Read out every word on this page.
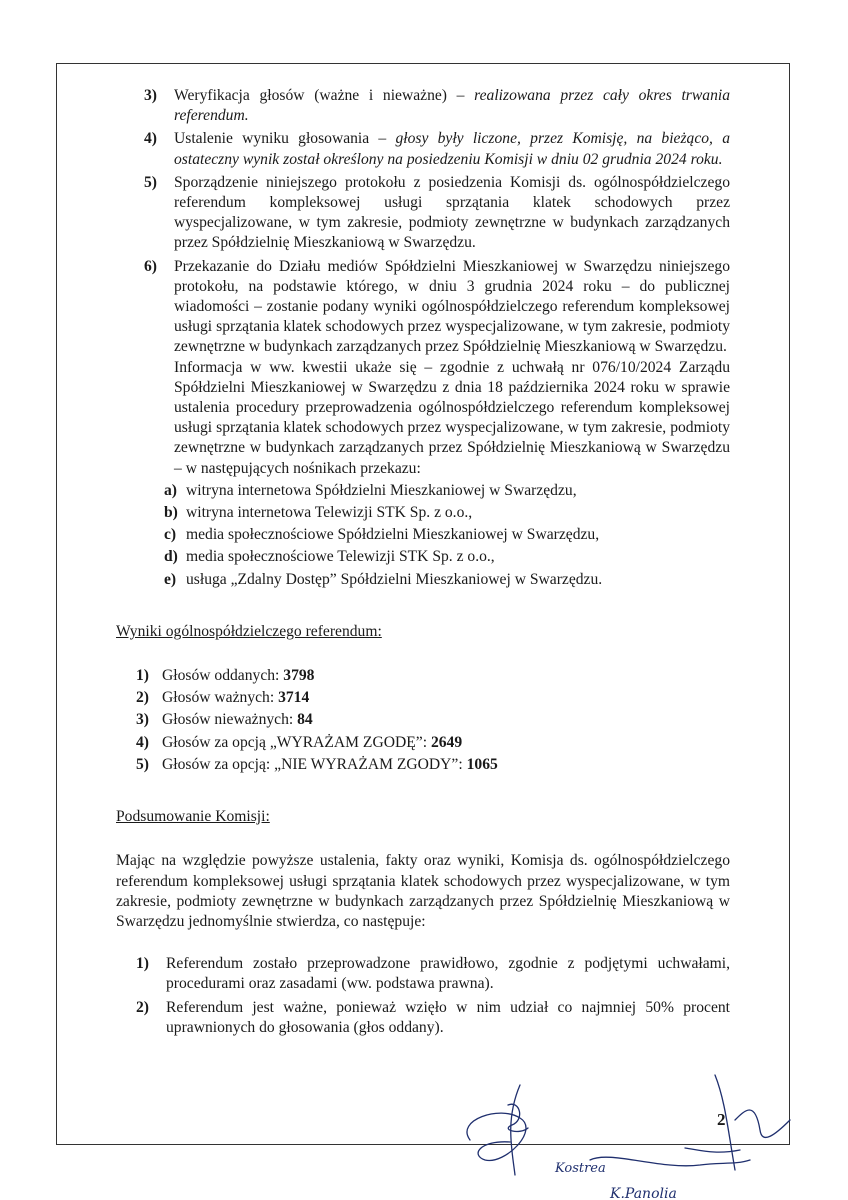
3)	Weryfikacja głosów (ważne i nieważne) – realizowana przez cały okres trwania referendum.
4)	Ustalenie wyniku głosowania – głosy były liczone, przez Komisję, na bieżąco, a ostateczny wynik został określony na posiedzeniu Komisji w dniu 02 grudnia 2024 roku.
5)	Sporządzenie niniejszego protokołu z posiedzenia Komisji ds. ogólnospółdzielczego referendum kompleksowej usługi sprzątania klatek schodowych przez wyspecjalizowane, w tym zakresie, podmioty zewnętrzne w budynkach zarządzanych przez Spółdzielnię Mieszkaniową w Swarzędzu.
6)	Przekazanie do Działu mediów Spółdzielni Mieszkaniowej w Swarzędzu niniejszego protokołu, na podstawie którego, w dniu 3 grudnia 2024 roku – do publicznej wiadomości – zostanie podany wyniki ogólnospółdzielczego referendum kompleksowej usługi sprzątania klatek schodowych przez wyspecjalizowane, w tym zakresie, podmioty zewnętrzne w budynkach zarządzanych przez Spółdzielnię Mieszkaniową w Swarzędzu.
Informacja w ww. kwestii ukaże się – zgodnie z uchwałą nr 076/10/2024 Zarządu Spółdzielni Mieszkaniowej w Swarzędzu z dnia 18 października 2024 roku w sprawie ustalenia procedury przeprowadzenia ogólnospółdzielczego referendum kompleksowej usługi sprzątania klatek schodowych przez wyspecjalizowane, w tym zakresie, podmioty zewnętrzne w budynkach zarządzanych przez Spółdzielnię Mieszkaniową w Swarzędzu – w następujących nośnikach przekazu:
a) witryna internetowa Spółdzielni Mieszkaniowej w Swarzędzu,
b) witryna internetowa Telewizji STK Sp. z o.o.,
c) media społecznościowe Spółdzielni Mieszkaniowej w Swarzędzu,
d) media społecznościowe Telewizji STK Sp. z o.o.,
e) usługa „Zdalny Dostęp” Spółdzielni Mieszkaniowej w Swarzędzu.
Wyniki ogólnospółdzielczego referendum:
1) Głosów oddanych: 3798
2) Głosów ważnych: 3714
3) Głosów nieważnych: 84
4) Głosów za opcją „WYRAŻAM ZGODĘ”: 2649
5) Głosów za opcją: „NIE WYRAŻAM ZGODY”: 1065
Podsumowanie Komisji:
Mając na względzie powyższe ustalenia, fakty oraz wyniki, Komisja ds. ogólnospółdzielczego referendum kompleksowej usługi sprzątania klatek schodowych przez wyspecjalizowane, w tym zakresie, podmioty zewnętrzne w budynkach zarządzanych przez Spółdzielnię Mieszkaniową w Swarzędzu jednomyślnie stwierdza, co następuje:
1)	Referendum zostało przeprowadzone prawidłowo, zgodnie z podjętymi uchwałami, procedurami oraz zasadami (ww. podstawa prawna).
2)	Referendum jest ważne, ponieważ wzięło w nim udział co najmniej 50% procent uprawnionych do głosowania (głos oddany).
2
Kostrea
K.Panolia
